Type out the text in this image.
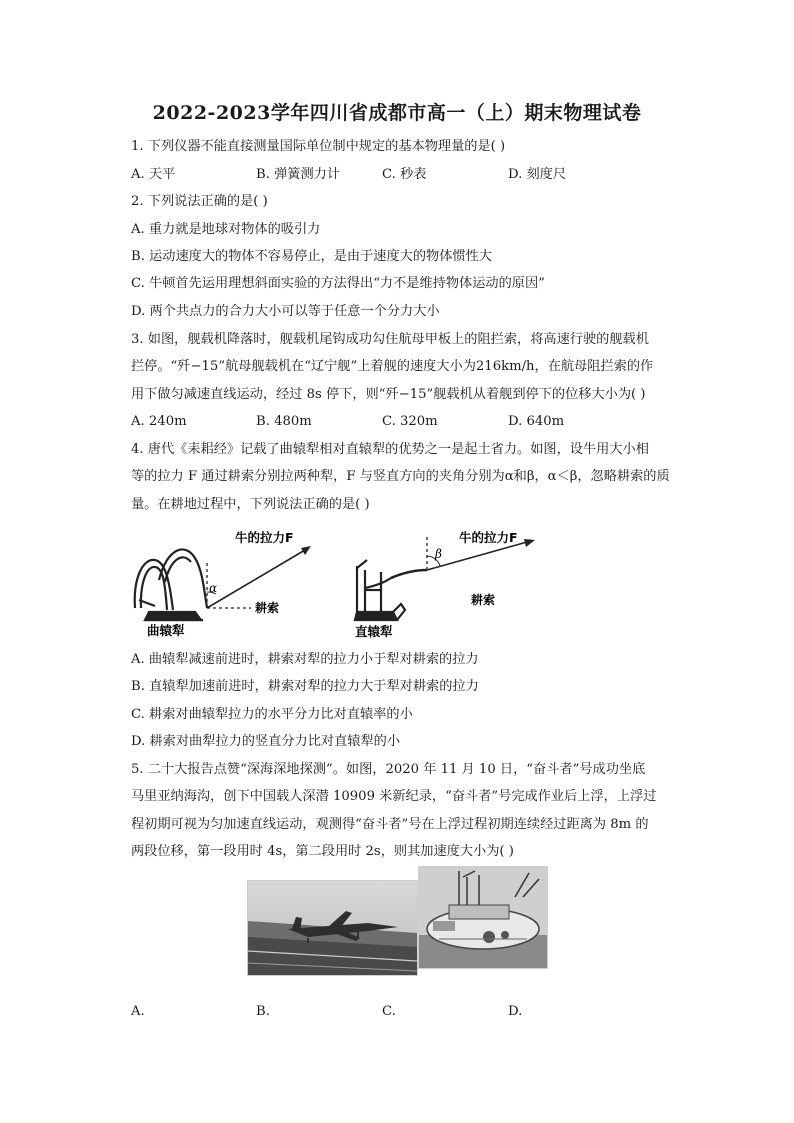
2022-2023学年四川省成都市高一（上）期末物理试卷
1. 下列仪器不能直接测量国际单位制中规定的基本物理量的是( )
A. 天平	B. 弹簧测力计	C. 秒表	D. 刻度尺
2. 下列说法正确的是( )
A. 重力就是地球对物体的吸引力
B. 运动速度大的物体不容易停止，是由于速度大的物体惯性大
C. 牛顿首先运用理想斜面实验的方法得出“力不是维持物体运动的原因”
D. 两个共点力的合力大小可以等于任意一个分力大小
3. 如图，舰载机降落时，舰载机尾钩成功勾住航母甲板上的阻拦索，将高速行驶的舰载机
拦停。“歼−15”航母舰载机在“辽宁舰”上着舰的速度大小为216km/h，在航母阻拦索的作
用下做匀减速直线运动，经过 8s 停下，则“歼−15”舰载机从着舰到停下的位移大小为( )
A. 240m	B. 480m	C. 320m	D. 640m
4. 唐代《耒耜经》记载了曲辕犁相对直辕犁的优势之一是起土省力。如图，设牛用大小相
等的拉力 F 通过耕索分别拉两种犁，F 与竖直方向的夹角分别为α和β，α＜β，忽略耕索的质
量。在耕地过程中，下列说法正确的是( )
α
牛的拉力F
耕索
曲辕犁
β
牛的拉力F
耕索
直辕犁
A. 曲辕犁减速前进时，耕索对犁的拉力小于犁对耕索的拉力
B. 直辕犁加速前进时，耕索对犁的拉力大于犁对耕索的拉力
C. 耕索对曲辕犁拉力的水平分力比对直辕率的小
D. 耕索对曲犁拉力的竖直分力比对直辕犁的小
5. 二十大报告点赞“深海深地探测”。如图，2020 年 11 月 10 日，“奋斗者”号成功坐底
马里亚纳海沟，创下中国载人深潜 10909 米新纪录，“奋斗者”号完成作业后上浮，上浮过
程初期可视为匀加速直线运动，观测得“奋斗者”号在上浮过程初期连续经过距离为 8m 的
两段位移，第一段用时 4s，第二段用时 2s，则其加速度大小为( )
A.	B.	C.	D.
